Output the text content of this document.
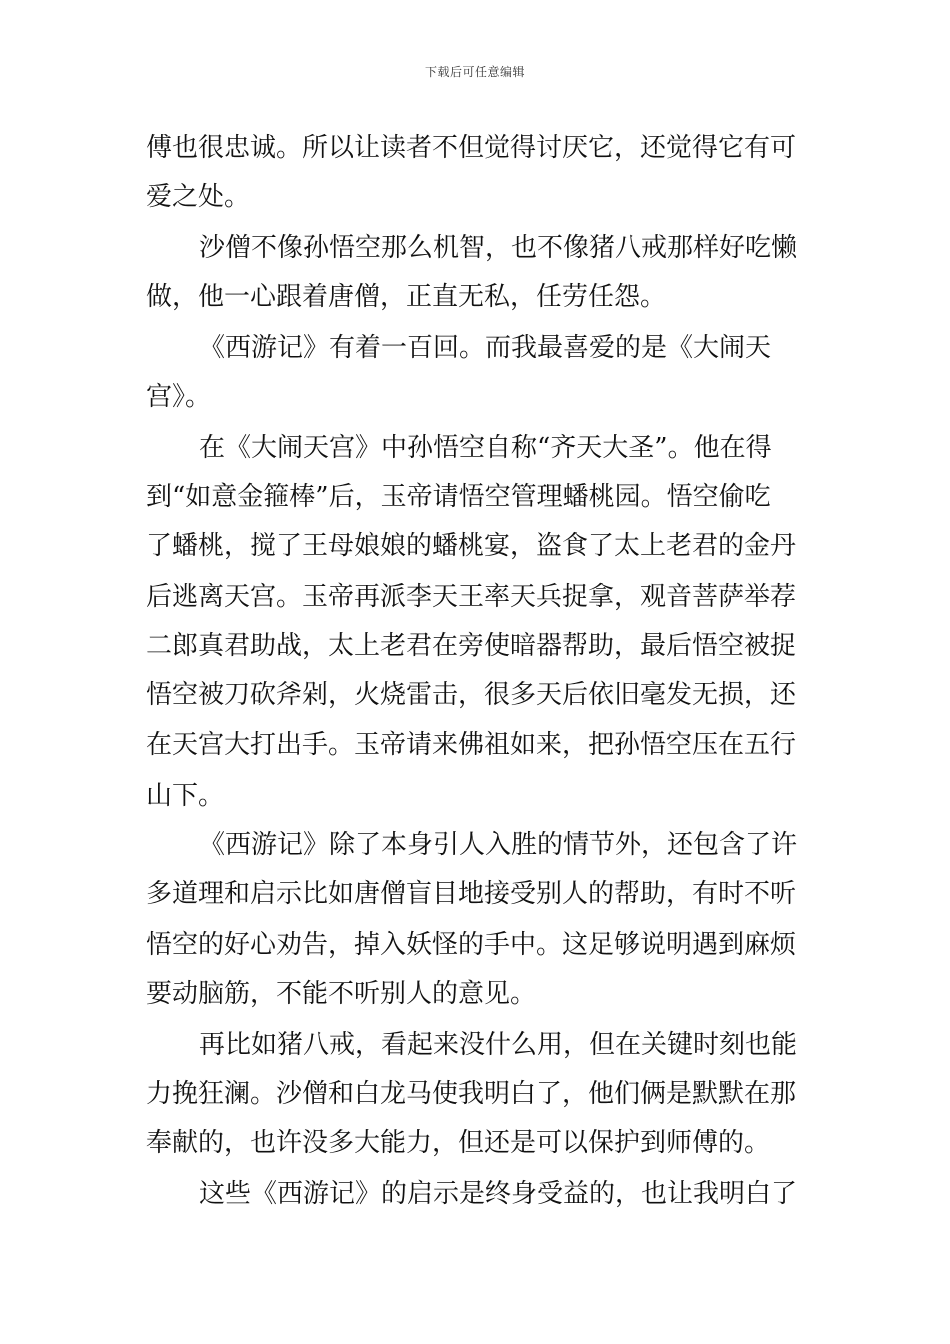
下载后可任意编辑
傅也很忠诚。所以让读者不但觉得讨厌它，还觉得它有可
爱之处。
沙僧不像孙悟空那么机智，也不像猪八戒那样好吃懒
做，他一心跟着唐僧，正直无私，任劳任怨。
《西游记》有着一百回。而我最喜爱的是《大闹天
宫》。
在《大闹天宫》中孙悟空自称“齐天大圣”。他在得
到“如意金箍棒”后，玉帝请悟空管理蟠桃园。悟空偷吃
了蟠桃，搅了王母娘娘的蟠桃宴，盗食了太上老君的金丹
后逃离天宫。玉帝再派李天王率天兵捉拿，观音菩萨举荐
二郎真君助战，太上老君在旁使暗器帮助，最后悟空被捉
悟空被刀砍斧剁，火烧雷击，很多天后依旧毫发无损，还
在天宫大打出手。玉帝请来佛祖如来，把孙悟空压在五行
山下。
《西游记》除了本身引人入胜的情节外，还包含了许
多道理和启示比如唐僧盲目地接受别人的帮助，有时不听
悟空的好心劝告，掉入妖怪的手中。这足够说明遇到麻烦
要动脑筋，不能不听别人的意见。
再比如猪八戒，看起来没什么用，但在关键时刻也能
力挽狂澜。沙僧和白龙马使我明白了，他们俩是默默在那
奉献的，也许没多大能力，但还是可以保护到师傅的。
这些《西游记》的启示是终身受益的，也让我明白了
